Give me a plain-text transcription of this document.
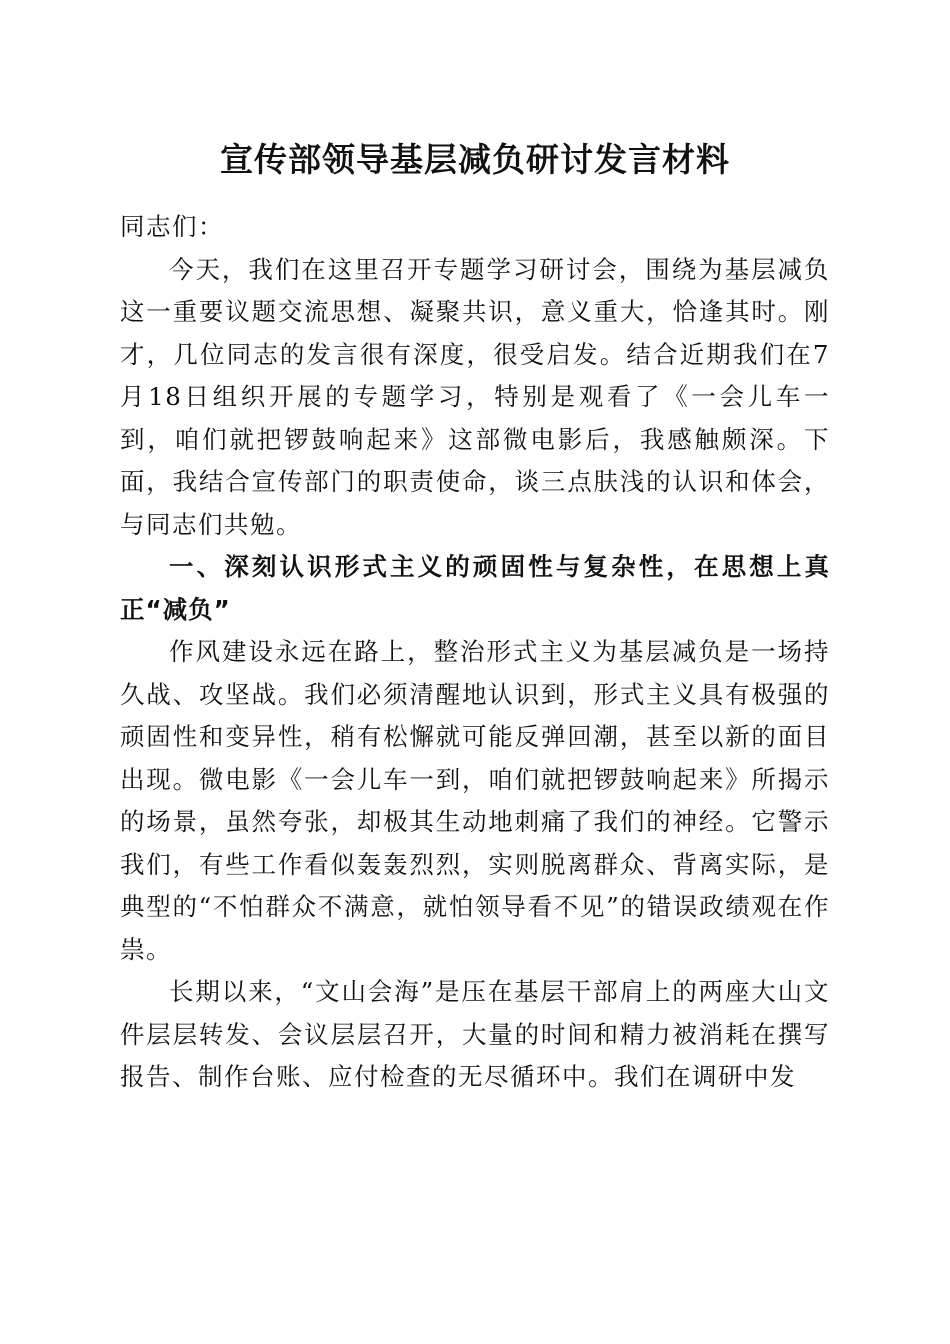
宣传部领导基层减负研讨发言材料

同志们：

今天，我们在这里召开专题学习研讨会，围绕为基层减负这一重要议题交流思想、凝聚共识，意义重大，恰逢其时。刚才，几位同志的发言很有深度，很受启发。结合近期我们在7月18日组织开展的专题学习，特别是观看了《一会儿车一到，咱们就把锣鼓响起来》这部微电影后，我感触颇深。下面，我结合宣传部门的职责使命，谈三点肤浅的认识和体会，与同志们共勉。

一、深刻认识形式主义的顽固性与复杂性，在思想上真正“减负”

作风建设永远在路上，整治形式主义为基层减负是一场持久战、攻坚战。我们必须清醒地认识到，形式主义具有极强的顽固性和变异性，稍有松懈就可能反弹回潮，甚至以新的面目出现。微电影《一会儿车一到，咱们就把锣鼓响起来》所揭示的场景，虽然夸张，却极其生动地刺痛了我们的神经。它警示我们，有些工作看似轰轰烈烈，实则脱离群众、背离实际，是典型的“不怕群众不满意，就怕领导看不见”的错误政绩观在作祟。

长期以来，“文山会海”是压在基层干部肩上的两座大山文件层层转发、会议层层召开，大量的时间和精力被消耗在撰写报告、制作台账、应付检查的无尽循环中。我们在调研中发
